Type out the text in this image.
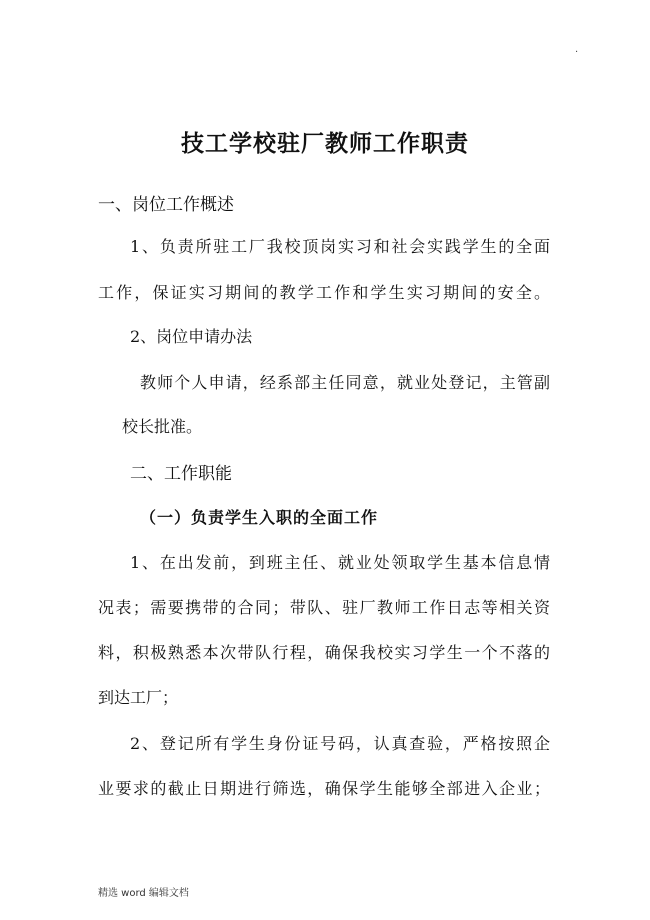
.
技工学校驻厂教师工作职责
一、岗位工作概述
1、负责所驻工厂我校顶岗实习和社会实践学生的全面
工作，保证实习期间的教学工作和学生实习期间的安全。
2、岗位申请办法
教师个人申请，经系部主任同意，就业处登记，主管副
校长批准。
二、工作职能
（一）负责学生入职的全面工作
1、在出发前，到班主任、就业处领取学生基本信息情
况表；需要携带的合同；带队、驻厂教师工作日志等相关资
料，积极熟悉本次带队行程，确保我校实习学生一个不落的
到达工厂；
2、登记所有学生身份证号码，认真查验，严格按照企
业要求的截止日期进行筛选，确保学生能够全部进入企业；
精选 word 编辑文档
